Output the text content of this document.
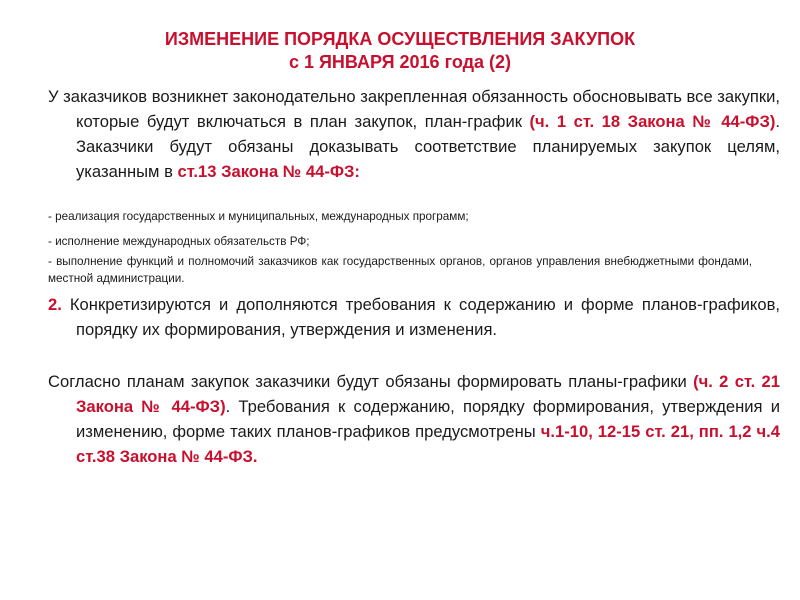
ИЗМЕНЕНИЕ ПОРЯДКА ОСУЩЕСТВЛЕНИЯ ЗАКУПОК
с 1 ЯНВАРЯ 2016 года (2)
У заказчиков возникнет законодательно закрепленная обязанность обосновывать все закупки, которые будут включаться в план закупок, план-график (ч. 1 ст. 18 Закона № 44-ФЗ). Заказчики будут обязаны доказывать соответствие планируемых закупок целям, указанным в ст.13 Закона № 44-ФЗ:
- реализация государственных и муниципальных, международных программ;
- исполнение международных обязательств РФ;
- выполнение функций и полномочий заказчиков как государственных органов, органов управления внебюджетными фондами, местной администрации.
2. Конкретизируются и дополняются требования к содержанию и форме планов-графиков, порядку их формирования, утверждения и изменения.
Согласно планам закупок заказчики будут обязаны формировать планы-графики (ч. 2 ст. 21 Закона № 44-ФЗ). Требования к содержанию, порядку формирования, утверждения и изменению, форме таких планов-графиков предусмотрены ч.1-10, 12-15 ст. 21, пп. 1,2 ч.4 ст.38 Закона № 44-ФЗ.
